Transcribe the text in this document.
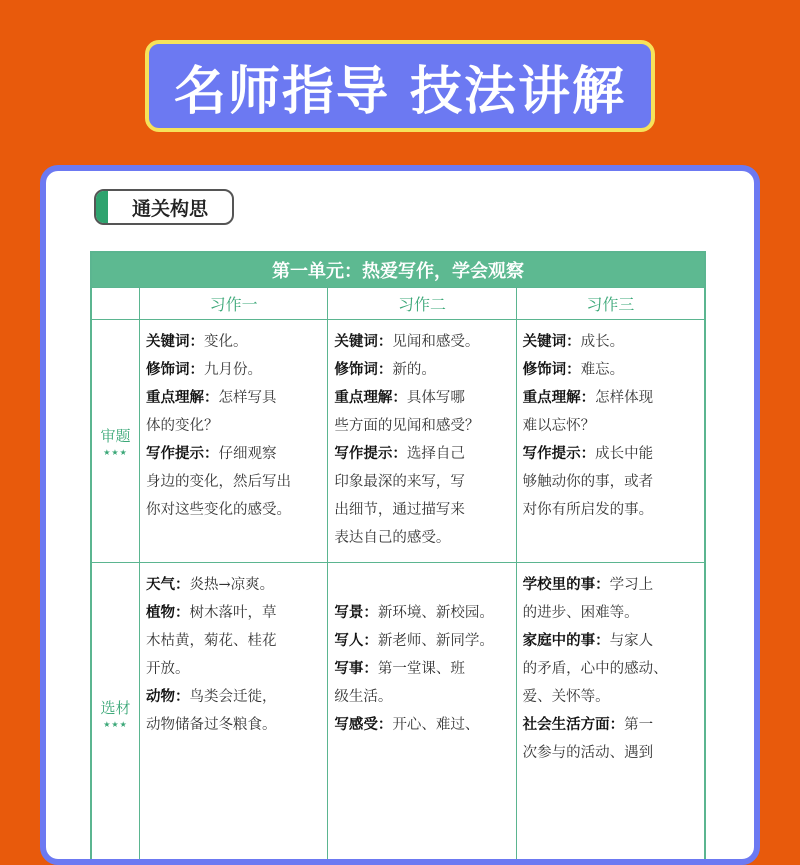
名师指导 技法讲解
通关构思
第一单元：热爱写作，学会观察
习作一	习作二	习作三
审题
★★★
关键词：变化。
修饰词：九月份。
重点理解：怎样写具
体的变化？
写作提示：仔细观察
身边的变化，然后写出
你对这些变化的感受。
关键词：见闻和感受。
修饰词：新的。
重点理解：具体写哪
些方面的见闻和感受？
写作提示：选择自己
印象最深的来写，写
出细节，通过描写来
表达自己的感受。
关键词：成长。
修饰词：难忘。
重点理解：怎样体现
难以忘怀？
写作提示：成长中能
够触动你的事，或者
对你有所启发的事。
选材
★★★
天气：炎热→凉爽。
植物：树木落叶，草
木枯黄，菊花、桂花
开放。
动物：鸟类会迁徙，
动物储备过冬粮食。

写景：新环境、新校园。
写人：新老师、新同学。
写事：第一堂课、班
级生活。
写感受：开心、难过、
学校里的事：学习上
的进步、困难等。
家庭中的事：与家人
的矛盾，心中的感动、
爱、关怀等。
社会生活方面：第一
次参与的活动、遇到
